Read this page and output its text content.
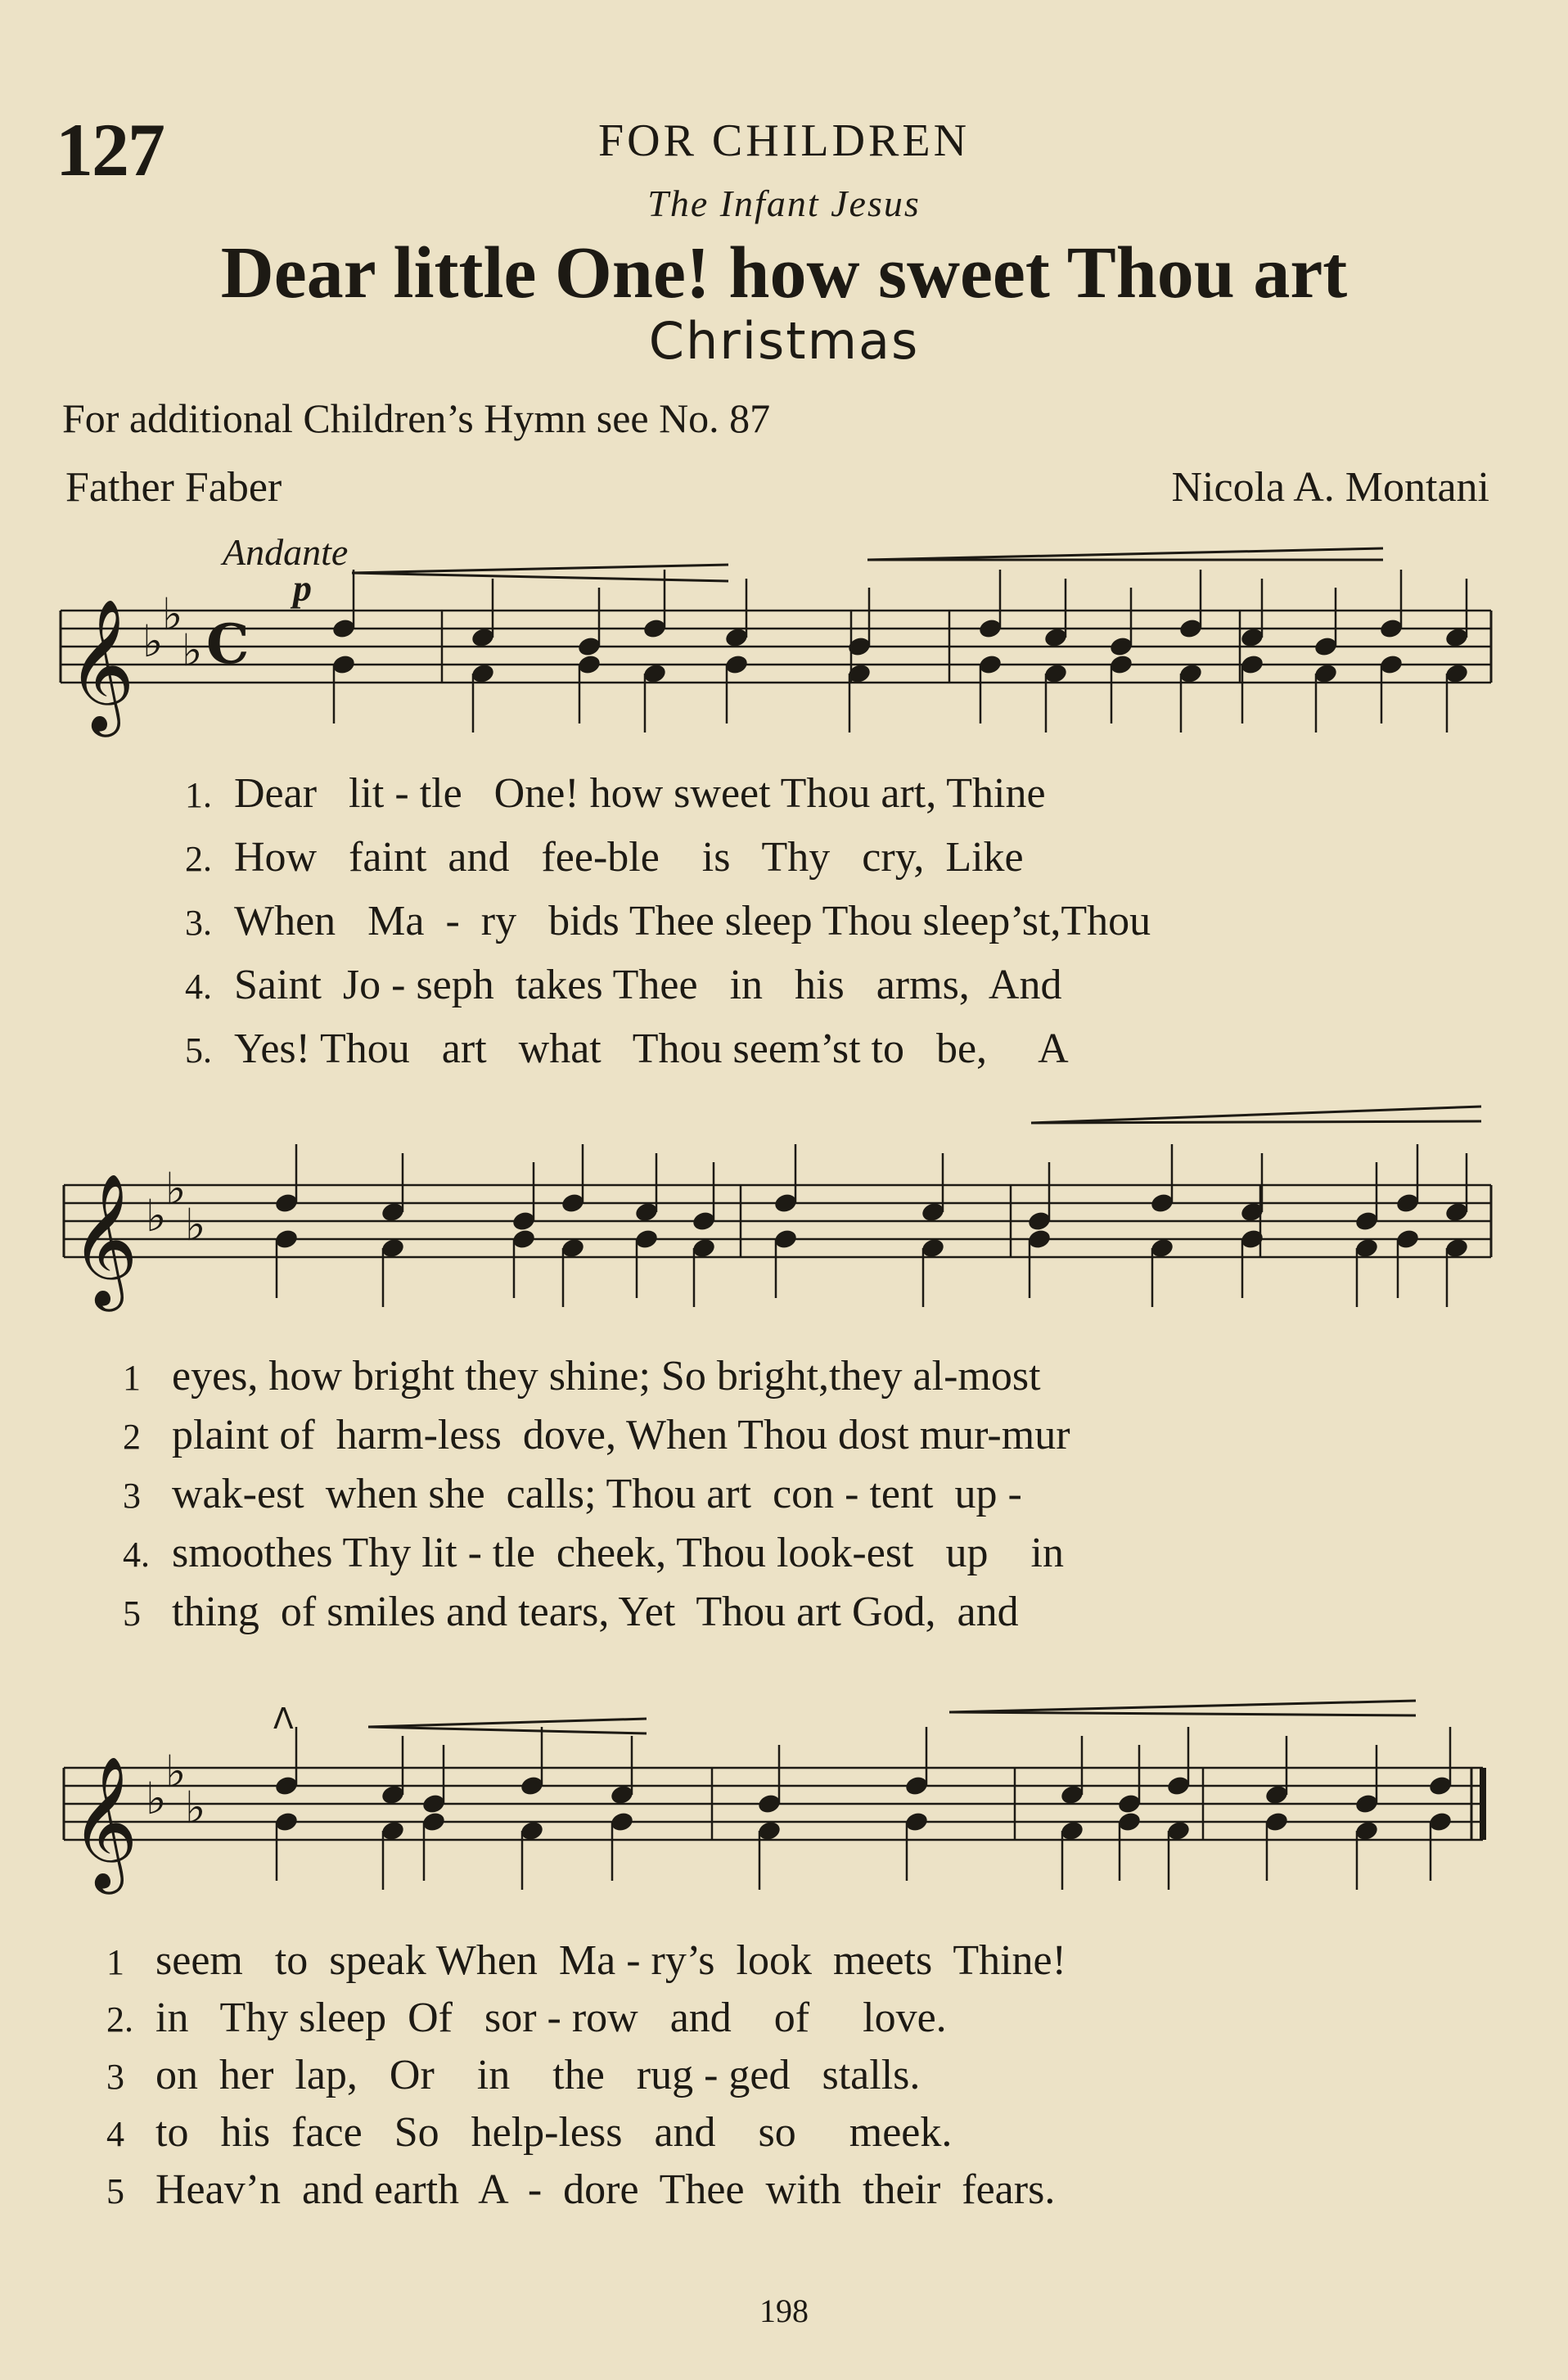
127	FOR CHILDREN
The Infant Jesus
Dear little One! how sweet Thou art
Christmas
For additional Children’s Hymn see No. 87
Father Faber	Nicola A. Montani
Andante
p
𝄞 ♭
♭
♭ C
𝄞 ♭
♭
♭
𝄞 ♭
♭
♭
Λ
1. Dear   lit - tle   One! how sweet Thou art, Thine
2. How   faint  and   fee-ble    is   Thy   cry,  Like
3. When   Ma  -  ry   bids Thee sleep Thou sleep’st,Thou
4. Saint  Jo - seph  takes Thee   in   his   arms,  And
5. Yes! Thou   art   what   Thou seem’st to   be,     A
1 eyes, how bright they shine; So bright,they al-most
2 plaint of  harm-less  dove, When Thou dost mur-mur
3 wak-est  when she  calls; Thou art  con - tent  up -
4. smoothes Thy lit - tle  cheek, Thou look-est   up    in
5 thing  of smiles and tears, Yet  Thou art God,  and
1 seem   to  speak When  Ma - ry’s  look  meets  Thine!
2. in   Thy sleep  Of   sor - row   and    of     love.
3 on  her  lap,   Or    in    the   rug - ged   stalls.
4 to   his  face   So   help-less   and    so     meek.
5 Heav’n  and earth  A  -  dore  Thee  with  their  fears.
198
